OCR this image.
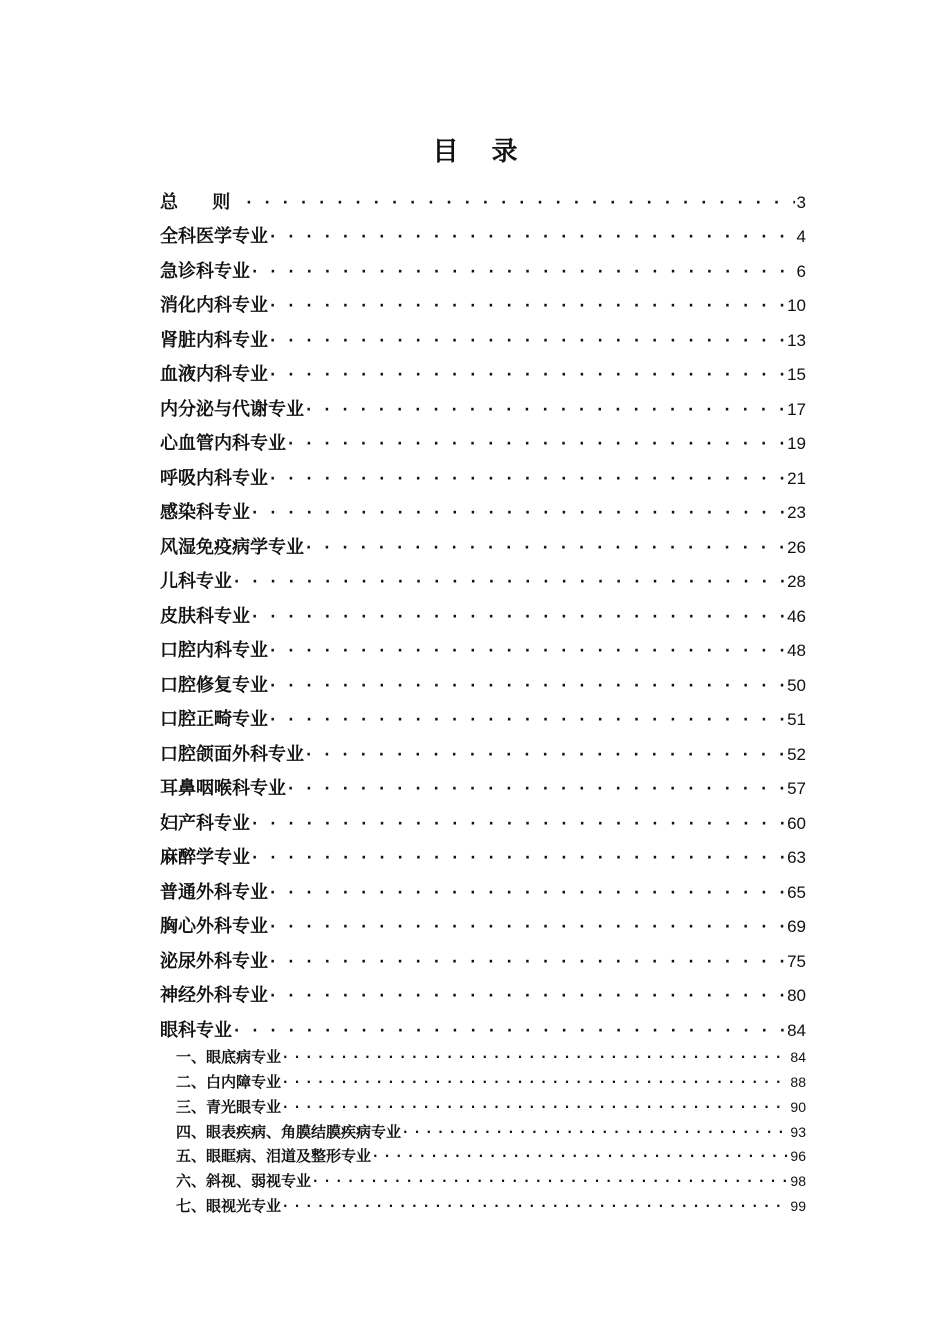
目 录
总 则 · · ·	3
全科医学专业 · · ·	4
急诊科专业 · · ·	6
消化内科专业 · · ·	10
肾脏内科专业 · · ·	13
血液内科专业 · · ·	15
内分泌与代谢专业 · · ·	17
心血管内科专业 · · ·	19
呼吸内科专业 · · ·	21
感染科专业 · · ·	23
风湿免疫病学专业 · · ·	26
儿科专业 · · ·	28
皮肤科专业 · · ·	46
口腔内科专业 · · ·	48
口腔修复专业 · · ·	50
口腔正畸专业 · · ·	51
口腔颌面外科专业 · · ·	52
耳鼻咽喉科专业 · · ·	57
妇产科专业 · · ·	60
麻醉学专业 · · ·	63
普通外科专业 · · ·	65
胸心外科专业 · · ·	69
泌尿外科专业 · · ·	75
神经外科专业 · · ·	80
眼科专业 · · ·	84
一、眼底病专业 · · ·	84
二、白内障专业 · · ·	88
三、青光眼专业 · · ·	90
四、眼表疾病、角膜结膜疾病专业 · · ·	93
五、眼眶病、泪道及整形专业 · · ·	96
六、斜视、弱视专业 · · ·	98
七、眼视光专业 · · ·	99
